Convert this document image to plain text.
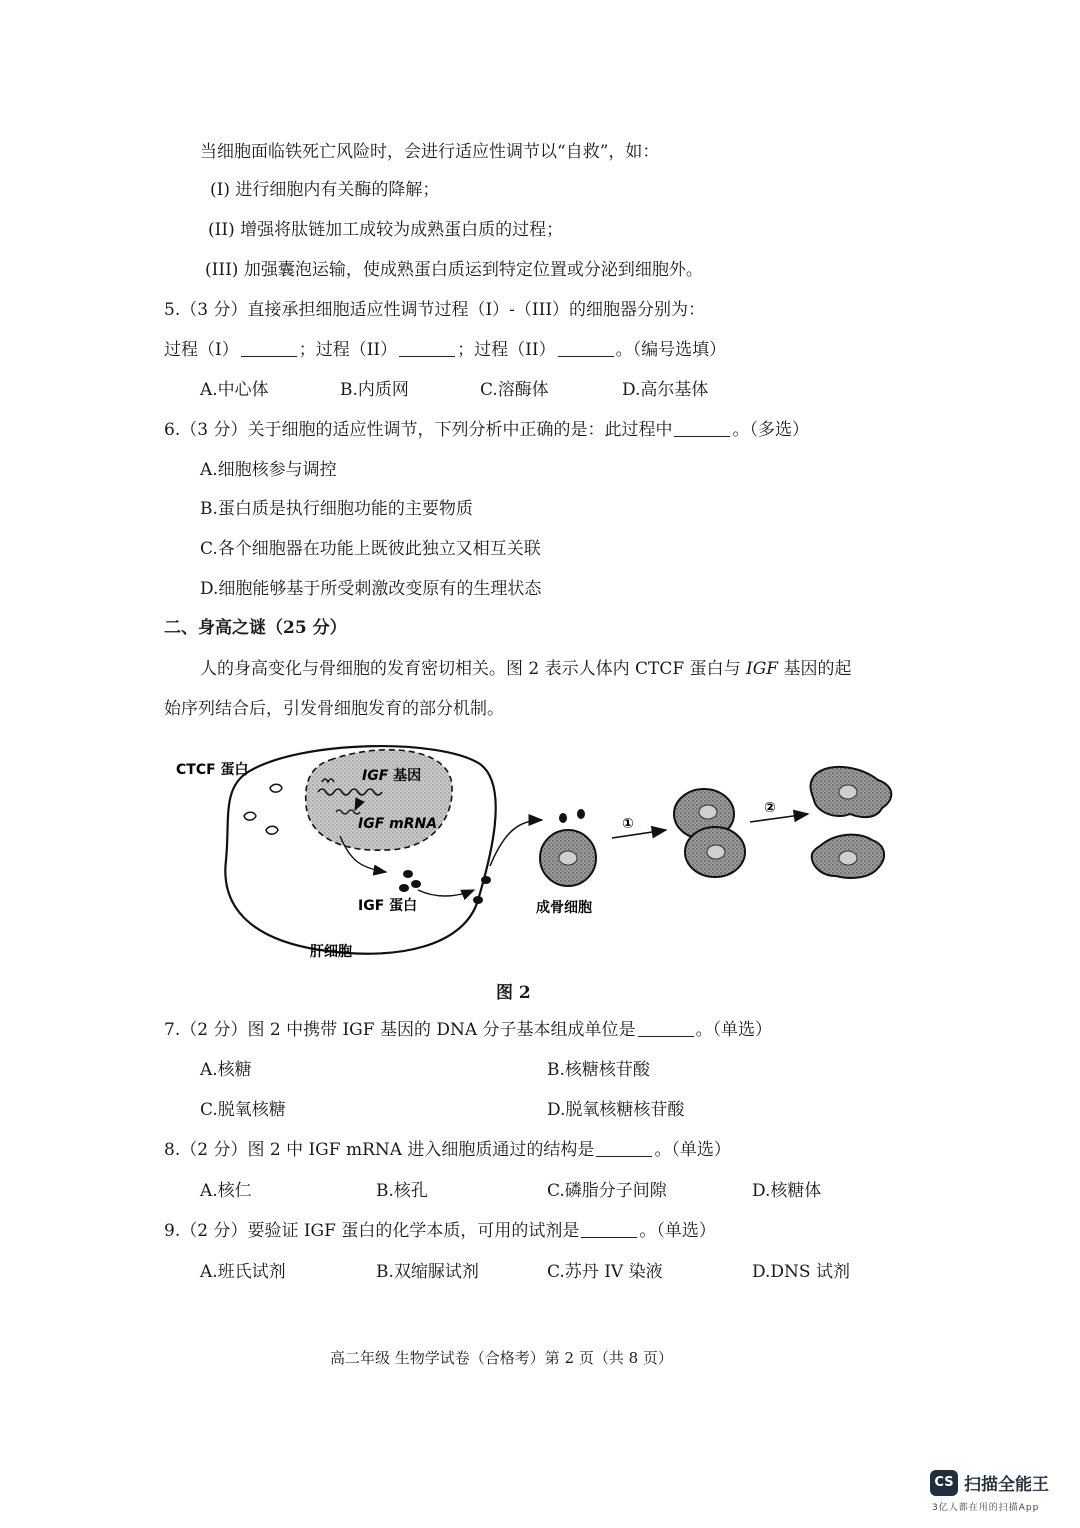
当细胞面临铁死亡风险时，会进行适应性调节以“自救”，如：
(I) 进行细胞内有关酶的降解；
(II) 增强将肽链加工成较为成熟蛋白质的过程；
(III) 加强囊泡运输，使成熟蛋白质运到特定位置或分泌到细胞外。
5.（3 分）直接承担细胞适应性调节过程（I）-（III）的细胞器分别为：
过程（I）	；过程（II）	；过程（II）	。（编号选填）
A.中心体	B.内质网	C.溶酶体	D.高尔基体
6.（3 分）关于细胞的适应性调节，下列分析中正确的是：此过程中	。（多选）
A.细胞核参与调控
B.蛋白质是执行细胞功能的主要物质
C.各个细胞器在功能上既彼此独立又相互关联
D.细胞能够基于所受刺激改变原有的生理状态
二、身高之谜（25 分）
人的身高变化与骨细胞的发育密切相关。图 2 表示人体内 CTCF 蛋白与 IGF 基因的起
始序列结合后，引发骨细胞发育的部分机制。
CTCF 蛋白	IGF 基因
IGF mRNA
IGF 蛋白
肝细胞
成骨细胞
①
②
图 2
7.（2 分）图 2 中携带 IGF 基因的 DNA 分子基本组成单位是	。（单选）
A.核糖	B.核糖核苷酸
C.脱氧核糖	D.脱氧核糖核苷酸
8.（2 分）图 2 中 IGF mRNA 进入细胞质通过的结构是	。（单选）
A.核仁	B.核孔	C.磷脂分子间隙	D.核糖体
9.（2 分）要验证 IGF 蛋白的化学本质，可用的试剂是	。（单选）
A.班氏试剂	B.双缩脲试剂	C.苏丹 IV 染液	D.DNS 试剂
高二年级 生物学试卷（合格考）第 2 页（共 8 页）
CS 扫描全能王
3亿人都在用的扫描App
